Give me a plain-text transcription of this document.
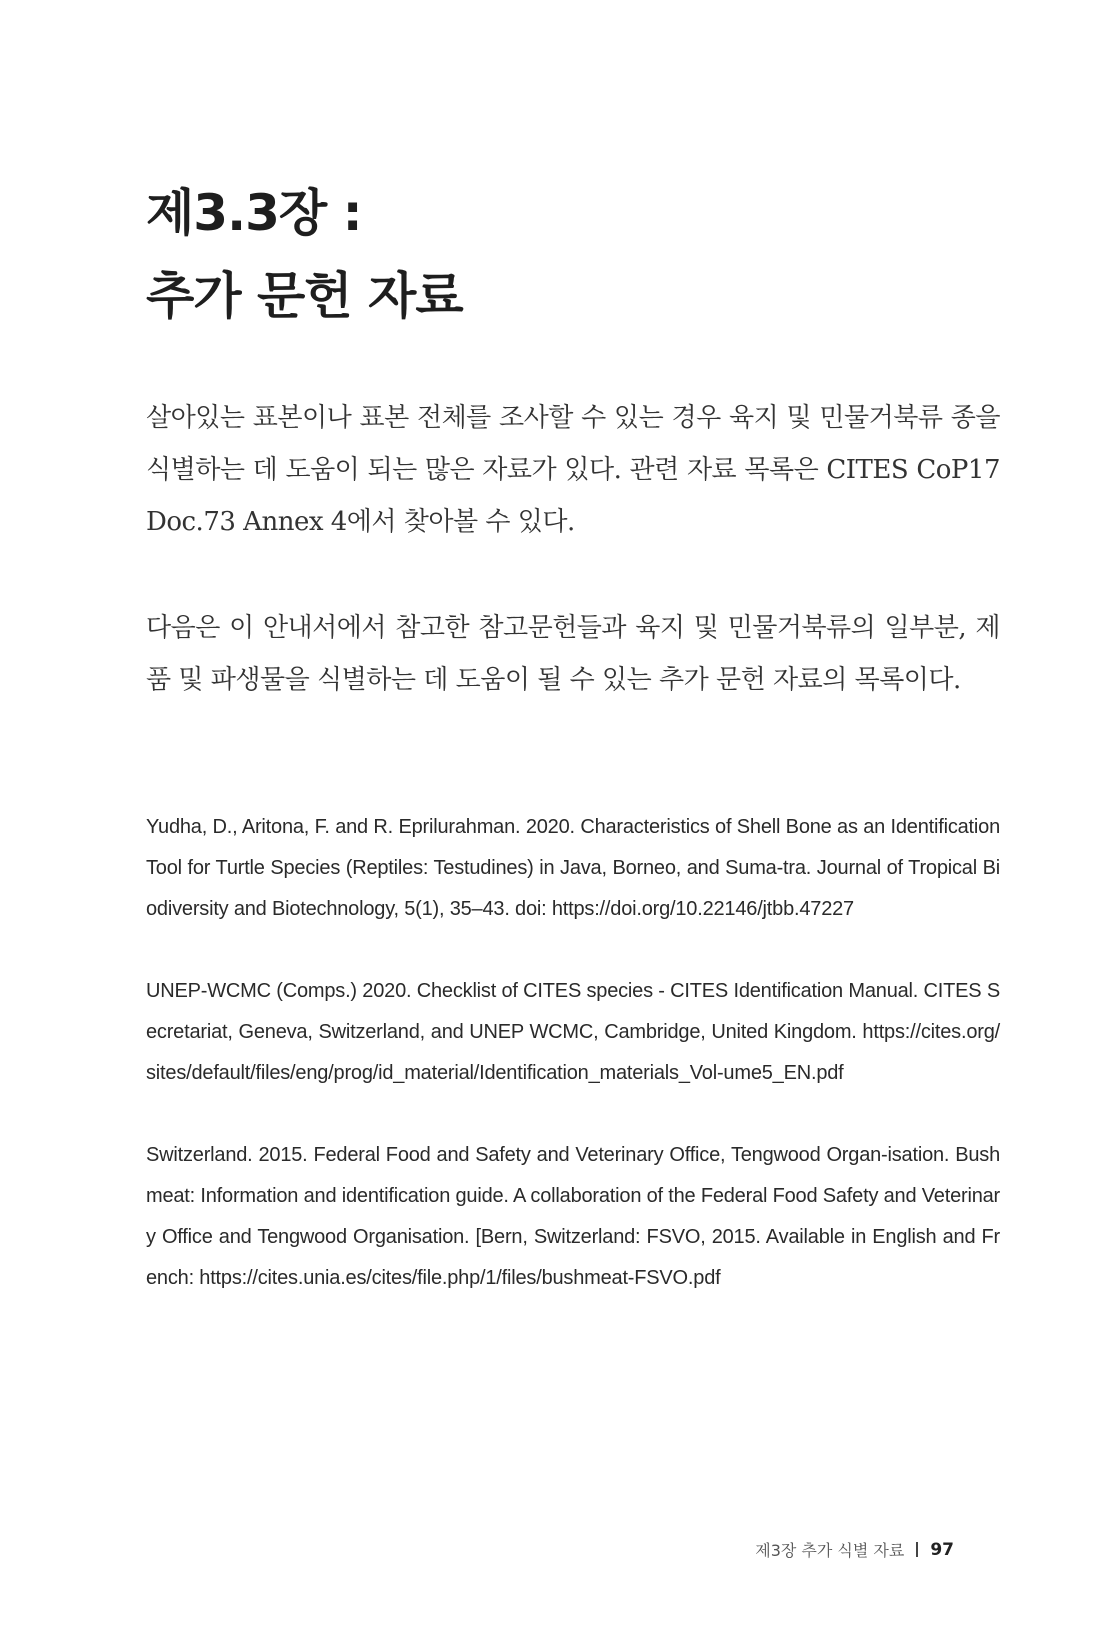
제3.3장 :
추가 문헌 자료

살아있는 표본이나 표본 전체를 조사할 수 있는 경우 육지 및 민물거북류 종을 식별하는 데 도움이 되는 많은 자료가 있다. 관련 자료 목록은 CITES CoP17 Doc.73 Annex 4에서 찾아볼 수 있다.

다음은 이 안내서에서 참고한 참고문헌들과 육지 및 민물거북류의 일부분, 제품 및 파생물을 식별하는 데 도움이 될 수 있는 추가 문헌 자료의 목록이다.

Yudha, D., Aritona, F. and R. Eprilurahman. 2020. Characteristics of Shell Bone as an Identification Tool for Turtle Species (Reptiles: Testudines) in Java, Borneo, and Suma-tra. Journal of Tropical Biodiversity and Biotechnology, 5(1), 35–43. doi: https://doi.org/10.22146/jtbb.47227

UNEP-WCMC (Comps.) 2020. Checklist of CITES species - CITES Identification Manual. CITES Secretariat, Geneva, Switzerland, and UNEP WCMC, Cambridge, United Kingdom. https://cites.org/sites/default/files/eng/prog/id_material/Identification_materials_Vol-ume5_EN.pdf

Switzerland. 2015. Federal Food and Safety and Veterinary Office, Tengwood Organ-isation. Bushmeat: Information and identification guide. A collaboration of the Federal Food Safety and Veterinary Office and Tengwood Organisation. [Bern, Switzerland: FSVO, 2015. Available in English and French: https://cites.unia.es/cites/file.php/1/files/bushmeat-FSVO.pdf

제3장 추가 식별 자료 97
